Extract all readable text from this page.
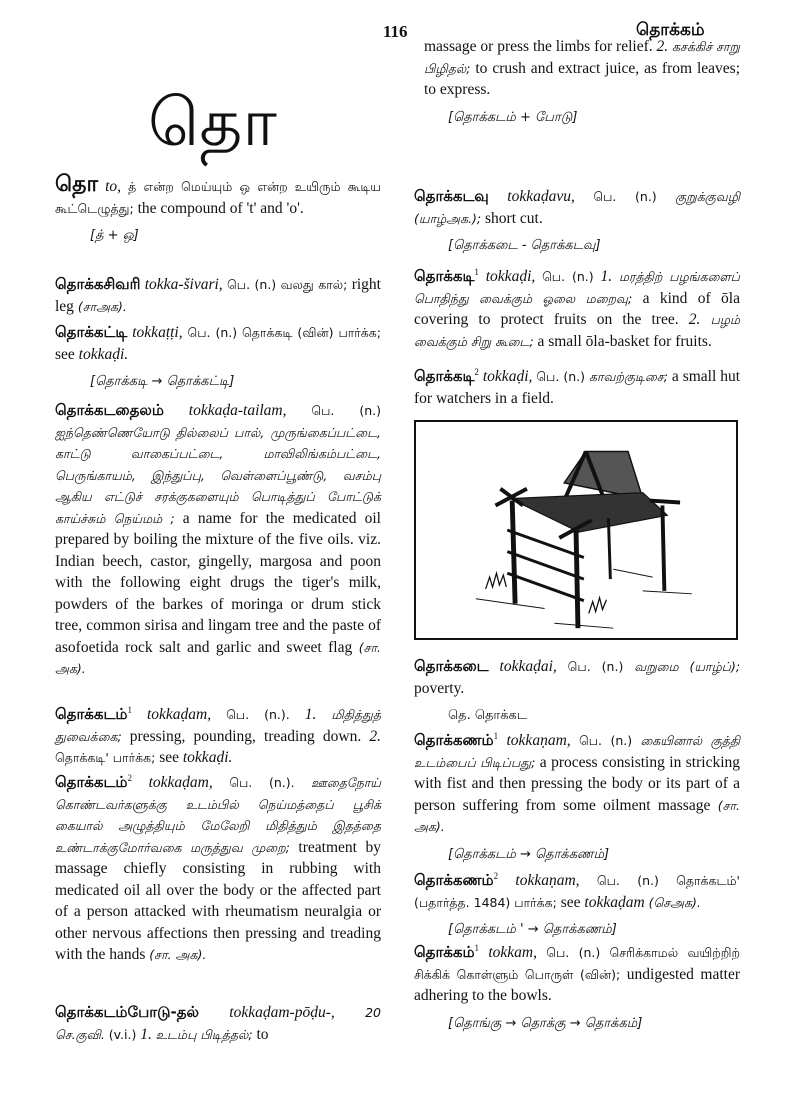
116	தொக்கம்
தொ
தொ to, த் என்ற மெய்யும் ஒ என்ற உயிரும் கூடிய கூட்டெழுத்து; the compound of 't' and 'o'.
[த் + ஒ]
தொக்கசிவரி tokka-šivari, பெ. (n.) வலது கால்; right leg (சாஅக).
தொக்கட்டி tokkaṭṭi, பெ. (n.) தொக்கடி (வின்) பார்க்க; see tokkaḍi.
[தொக்கடி → தொக்கட்டி]
தொக்கடதைலம் tokkaḍa-tailam, பெ. (n.) ஐந்தெண்ணெயோடு தில்லைப் பால், முருங்கைப்பட்டை, காட்டு வாகைப்பட்டை, மாவிலிங்கம்பட்டை, பெருங்காயம், இந்துப்பு, வெள்ளைப்பூண்டு, வசம்பு ஆகிய எட்டுச் சரக்குகளையும் பொடித்துப் போட்டுக் காய்ச்சும் நெய்மம் ; a name for the medicated oil prepared by boiling the mixture of the five oils. viz. Indian beech, castor, gingelly, margosa and poon with the following eight drugs the tiger's milk, powders of the barkes of moringa or drum stick tree, common sirisa and lingam tree and the paste of asofoetida rock salt and garlic and sweet flag (சா. அக).
தொக்கடம்$^1$ tokkaḍam, பெ. (n.). 1. மிதித்துத் துவைக்கை; pressing, pounding, treading down. 2. தொக்கடி' பார்க்க; see tokkaḍi.
தொக்கடம்$^2$ tokkaḍam, பெ. (n.). ஊதைநோய் கொண்டவர்களுக்கு உடம்பில் நெய்மத்தைப் பூசிக் கையால் அழுத்தியும் மேலேறி மிதித்தும் இதத்தை உண்டாக்குமோர்வகை மருத்துவ முறை; treatment by massage chiefly consisting in rubbing with medicated oil all over the body or the affected part of a person attacked with rheumatism neuralgia or other nervous affections then pressing and treading with the hands (சா. அக).
தொக்கடம்போடு-தல் tokkaḍam-pōḍu-, 20 செ.குவி. (v.i.) 1. உடம்பு பிடித்தல்; to
massage or press the limbs for relief. 2. கசக்கிச் சாறு பிழிதல்; to crush and extract juice, as from leaves; to express.
[தொக்கடம் + போடு]
தொக்கடவு tokkaḍavu, பெ. (n.) குறுக்குவழி (யாழ்அக.); short cut.
[தொக்கடை - தொக்கடவு]
தொக்கடி$^1$ tokkaḍi, பெ. (n.) 1. மரத்திற் பழங்களைப் பொதிந்து வைக்கும் ஓலை மறைவு; a kind of ōla covering to protect fruits on the tree. 2. பழம் வைக்கும் சிறு கூடை; a small ōla-basket for fruits.
தொக்கடி$^2$ tokkaḍi, பெ. (n.) காவற்குடிசை; a small hut for watchers in a field.
தொக்கடை tokkaḍai, பெ. (n.) வறுமை (யாழ்ப்); poverty.
தெ. தொக்கட
தொக்கணம்$^1$ tokkaṇam, பெ. (n.) கையினால் குத்தி உடம்பைப் பிடிப்பது; a process consisting in stricking with fist and then pressing the body or its part of a person suffering from some oilment massage (சா. அக).
[தொக்கடம் → தொக்கணம்]
தொக்கணம்$^2$ tokkaṇam, பெ. (n.) தொக்கடம்' (பதார்த்த. 1484) பார்க்க; see tokkaḍam (செஅக).
[தொக்கடம் ' → தொக்கணம்]
தொக்கம்$^1$ tokkam, பெ. (n.) செரிக்காமல் வயிற்றிற் சிக்கிக் கொள்ளும் பொருள் (வின்); undigested matter adhering to the bowls.
[தொங்கு → தொக்கு → தொக்கம்]
